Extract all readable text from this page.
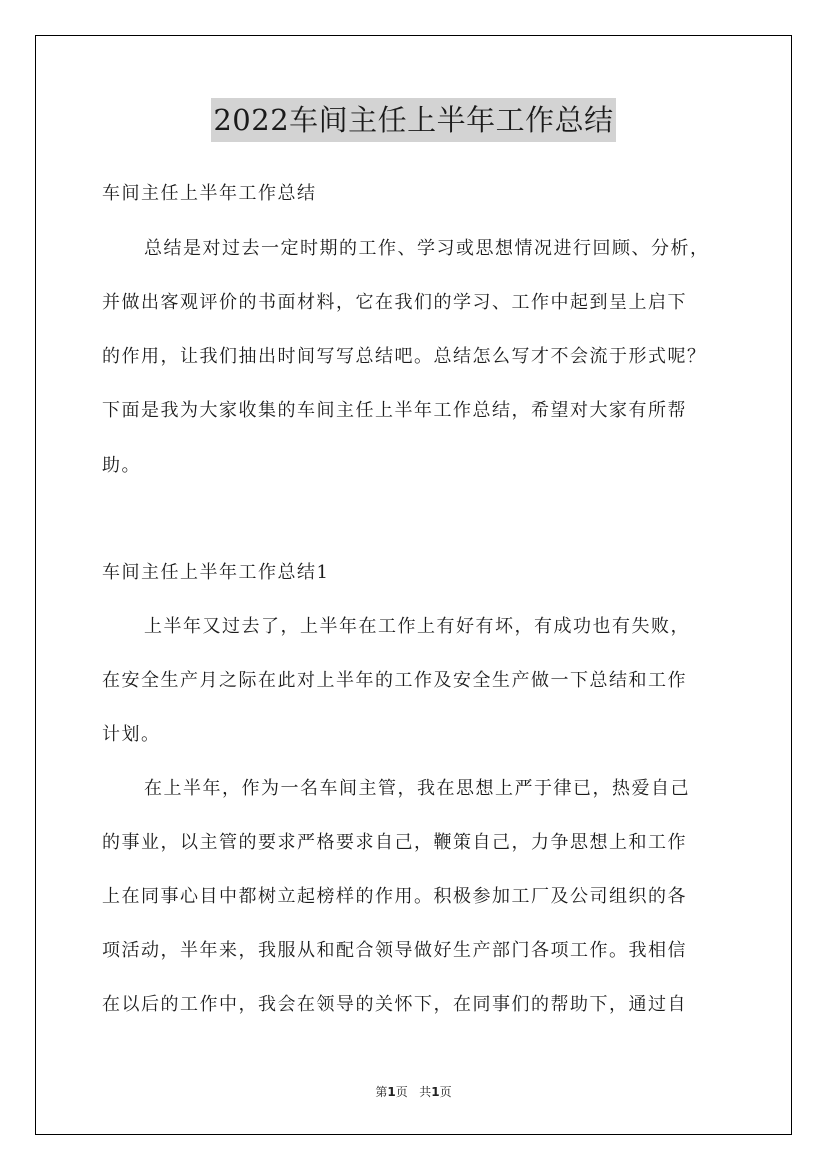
2022车间主任上半年工作总结
车间主任上半年工作总结
总结是对过去一定时期的工作、学习或思想情况进行回顾、分析，
并做出客观评价的书面材料，它在我们的学习、工作中起到呈上启下
的作用，让我们抽出时间写写总结吧。总结怎么写才不会流于形式呢？
下面是我为大家收集的车间主任上半年工作总结，希望对大家有所帮
助。
车间主任上半年工作总结1
上半年又过去了，上半年在工作上有好有坏，有成功也有失败，
在安全生产月之际在此对上半年的工作及安全生产做一下总结和工作
计划。
在上半年，作为一名车间主管，我在思想上严于律已，热爱自己
的事业，以主管的要求严格要求自己，鞭策自己，力争思想上和工作
上在同事心目中都树立起榜样的作用。积极参加工厂及公司组织的各
项活动，半年来，我服从和配合领导做好生产部门各项工作。我相信
在以后的工作中，我会在领导的关怀下，在同事们的帮助下，通过自
第1页 共1页
